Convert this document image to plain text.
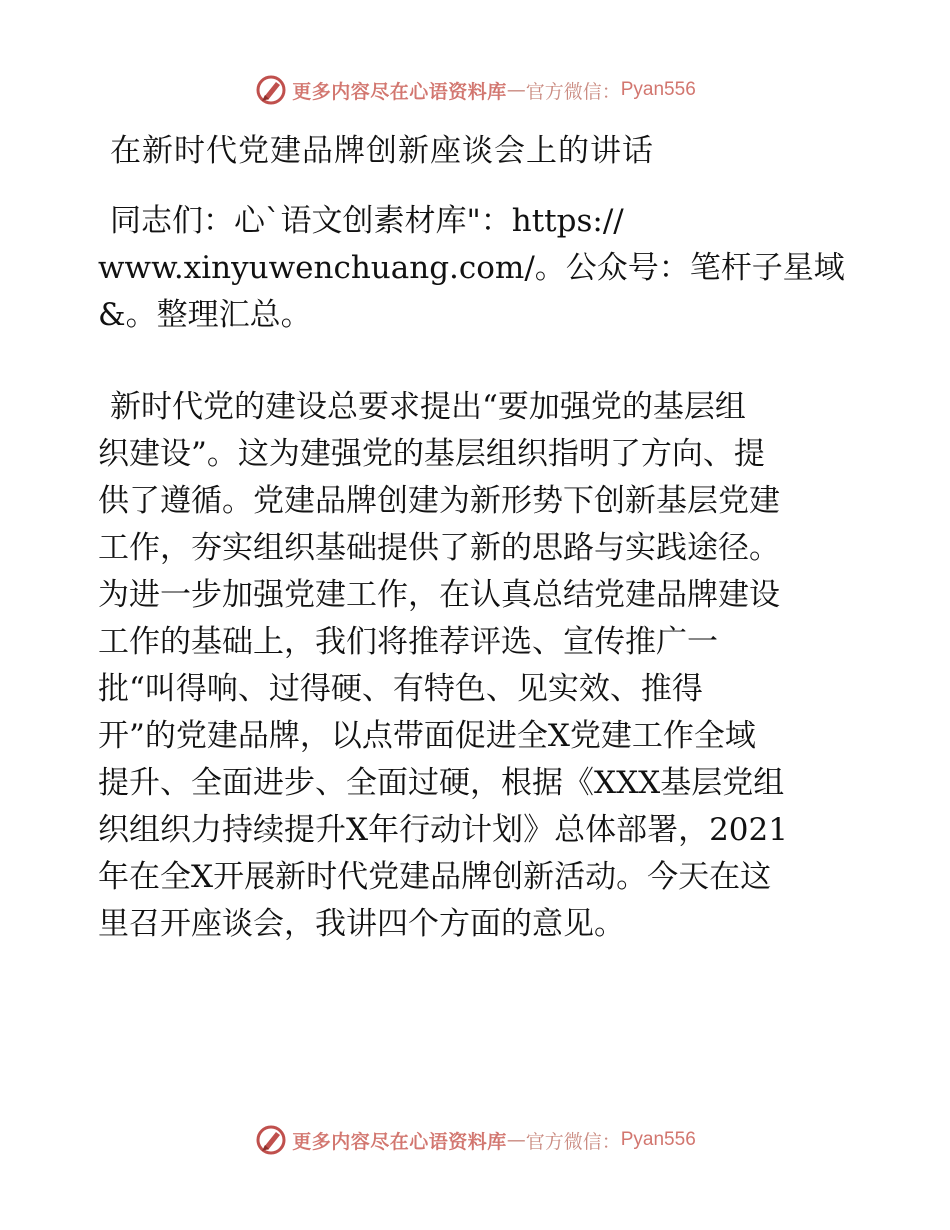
更多内容尽在心语资料库 — 官方微信： Pyan556
在新时代党建品牌创新座谈会上的讲话
同志们：心`语文创素材库"：https://
www.xinyuwenchuang.com/。公众号：笔杆子星域
&。整理汇总。
新时代党的建设总要求提出“要加强党的基层组
织建设”。这为建强党的基层组织指明了方向、提
供了遵循。党建品牌创建为新形势下创新基层党建
工作，夯实组织基础提供了新的思路与实践途径。
为进一步加强党建工作，在认真总结党建品牌建设
工作的基础上，我们将推荐评选、宣传推广一
批“叫得响、过得硬、有特色、见实效、推得
开”的党建品牌，以点带面促进全X党建工作全域
提升、全面进步、全面过硬，根据《XXX基层党组
织组织力持续提升X年行动计划》总体部署，2021
年在全X开展新时代党建品牌创新活动。今天在这
里召开座谈会，我讲四个方面的意见。
更多内容尽在心语资料库 — 官方微信： Pyan556
